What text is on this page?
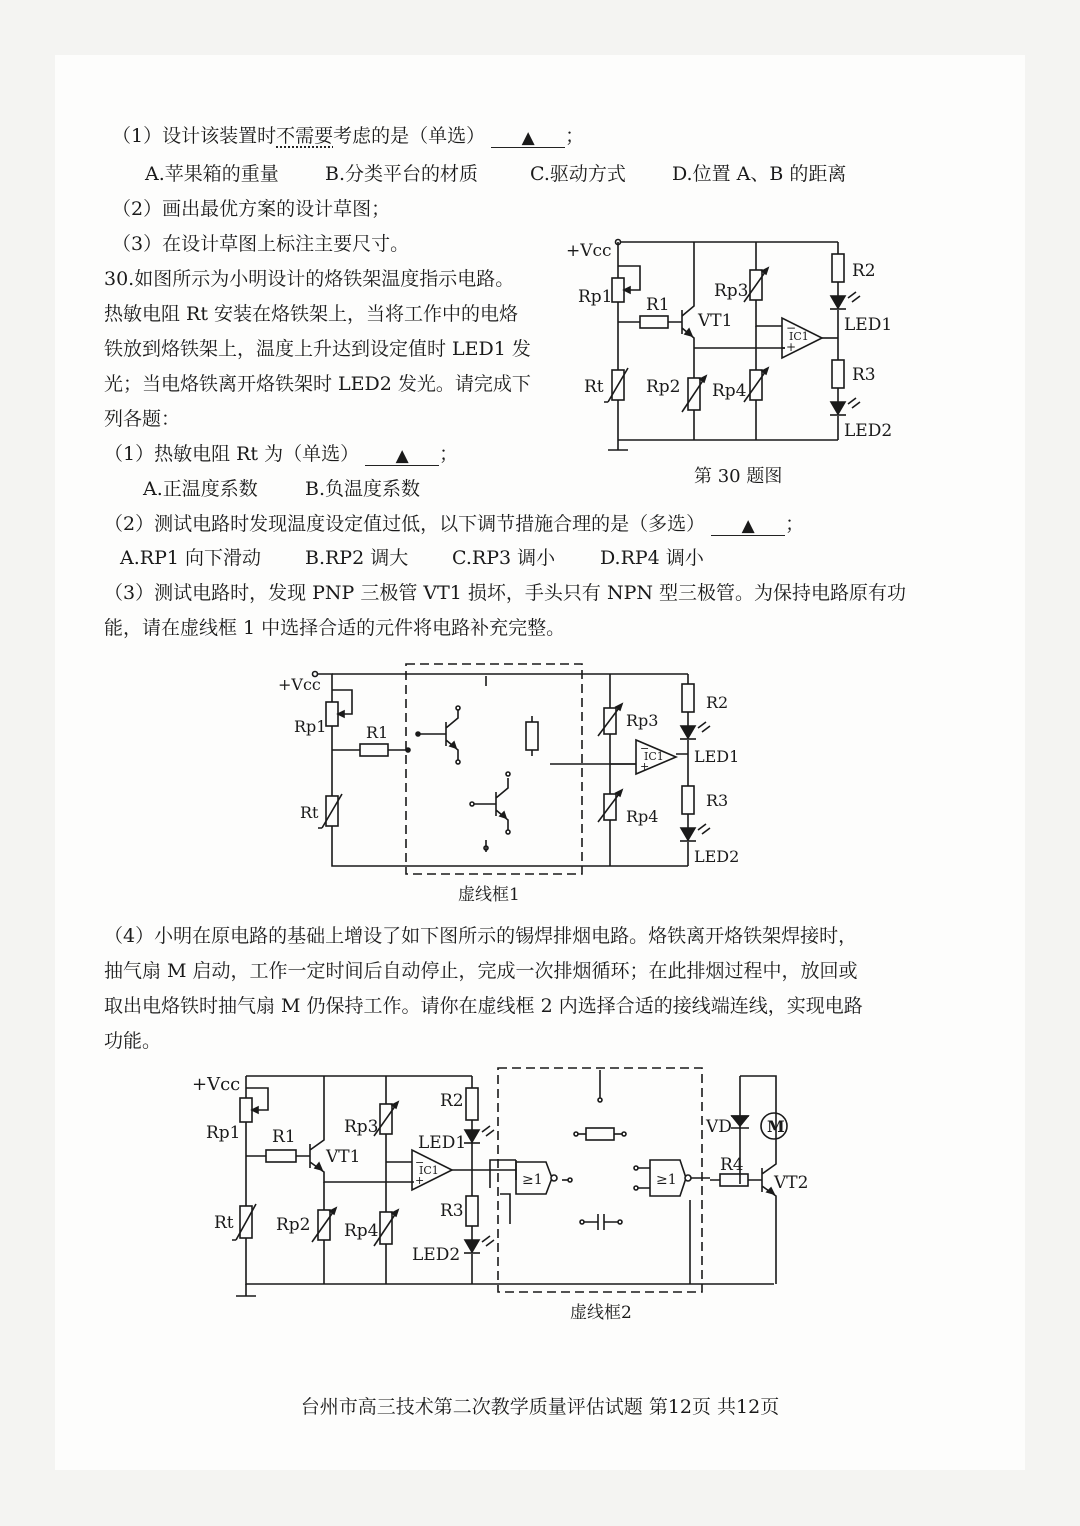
（1）设计该装置时不需要考虑的是（单选） ▲ ；
A.苹果箱的重量 B.分类平台的材质	C.驱动方式 D.位置 A、B 的距离
（2）画出最优方案的设计草图；
（3）在设计草图上标注主要尺寸。
30.如图所示为小明设计的烙铁架温度指示电路。
热敏电阻 Rt 安装在烙铁架上，当将工作中的电烙
铁放到烙铁架上，温度上升达到设定值时 LED1 发
光；当电烙铁离开烙铁架时 LED2 发光。请完成下
列各题：
（1）热敏电阻 Rt 为（单选） ▲ ；
A.正温度系数 B.负温度系数
（2）测试电路时发现温度设定值过低，以下调节措施合理的是（多选） ▲ ；
A.RP1 向下滑动 B.RP2 调大 C.RP3 调小 D.RP4 调小
（3）测试电路时，发现 PNP 三极管 VT1 损坏，手头只有 NPN 型三极管。为保持电路原有功
能，请在虚线框 1 中选择合适的元件将电路补充完整。
（4）小明在原电路的基础上增设了如下图所示的锡焊排烟电路。烙铁离开烙铁架焊接时，
抽气扇 M 启动，工作一定时间后自动停止，完成一次排烟循环；在此排烟过程中，放回或
取出电烙铁时抽气扇 M 仍保持工作。请你在虚线框 2 内选择合适的接线端连线，实现电路
功能。
+Vcc
Rp1 R1
VT1
Rp3
R2
IC1
−
+
LED1
Rt Rp2 Rp4
R3
LED2
第 30 题图
+Vcc
Rp1 R1
Rt
Rp3
Rp4
IC1
−
+
R2
LED1
R3
LED2
虚线框1
+Vcc
Rp1 R1
VT1
Rp3
R2
LED1
IC1
−
+
Rt Rp2 Rp4
R3
LED2
≥1	≥1
VD M
R4
VT2
虚线框2
台州市高三技术第二次教学质量评估试题 第12页 共12页
